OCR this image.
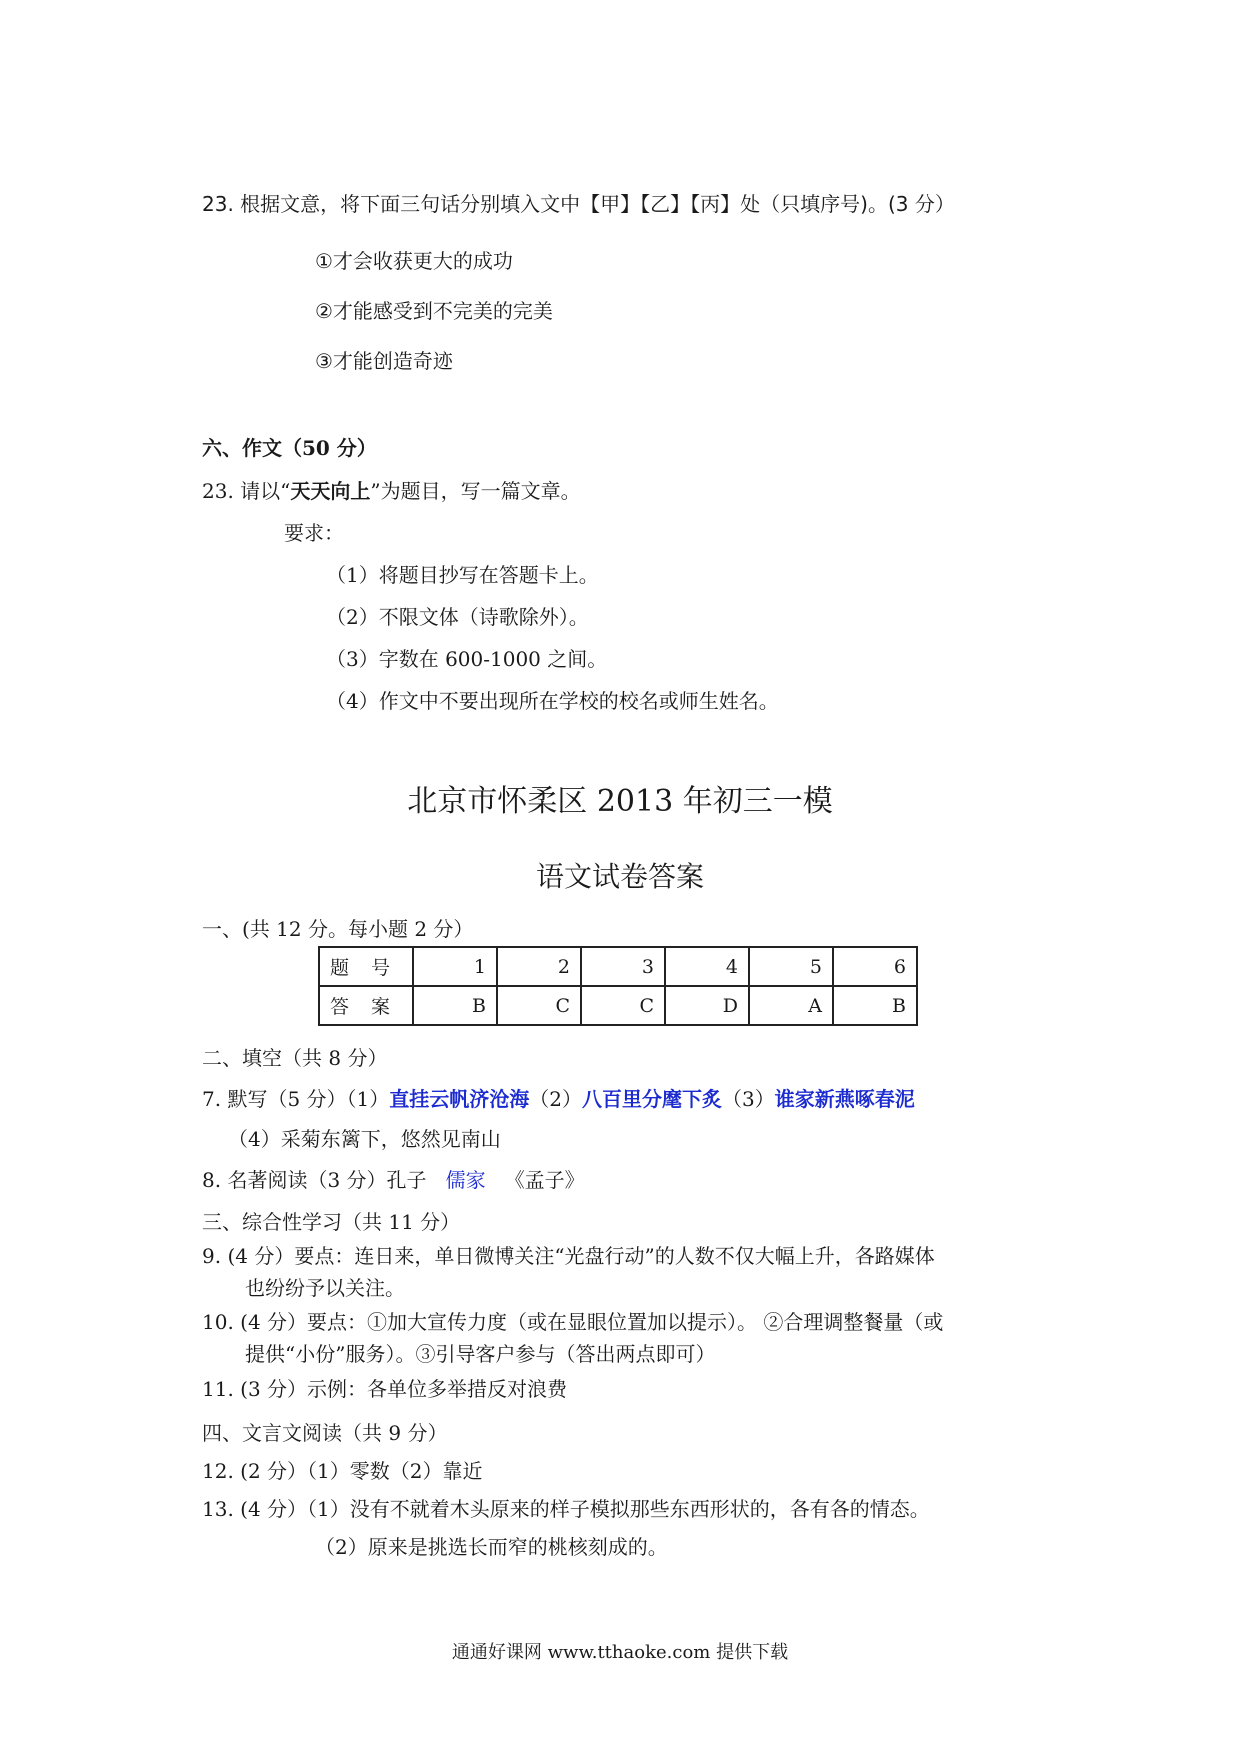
23. 根据文意，将下面三句话分别填入文中【甲】【乙】【丙】处（只填序号)。(3 分）
①才会收获更大的成功
②才能感受到不完美的完美
③才能创造奇迹
六、作文（50 分）
23. 请以“天天向上”为题目，写一篇文章。
要求：
（1）将题目抄写在答题卡上。
（2）不限文体（诗歌除外）。
（3）字数在 600-1000 之间。
（4）作文中不要出现所在学校的校名或师生姓名。
北京市怀柔区 2013 年初三一模
语文试卷答案
一、(共 12 分。每小题 2 分）
题 号	1	2	3	4	5	6
答 案	B	C	C	D	A	B
二、填空（共 8 分）
7. 默写（5 分）（1）直挂云帆济沧海（2）八百里分麾下炙（3）谁家新燕啄春泥
（4）采菊东篱下，悠然见南山
8. 名著阅读（3 分）孔子 儒家 《孟子》
三、综合性学习（共 11 分）
9. (4 分）要点：连日来，单日微博关注“光盘行动”的人数不仅大幅上升，各路媒体
也纷纷予以关注。
10. (4 分）要点：①加大宣传力度（或在显眼位置加以提示）。 ②合理调整餐量（或
提供“小份”服务）。③引导客户参与（答出两点即可）
11. (3 分）示例：各单位多举措反对浪费
四、文言文阅读（共 9 分）
12. (2 分）（1）零数（2）靠近
13. (4 分）（1）没有不就着木头原来的样子模拟那些东西形状的，各有各的情态。
（2）原来是挑选长而窄的桃核刻成的。
通通好课网 www.tthaoke.com 提供下载
